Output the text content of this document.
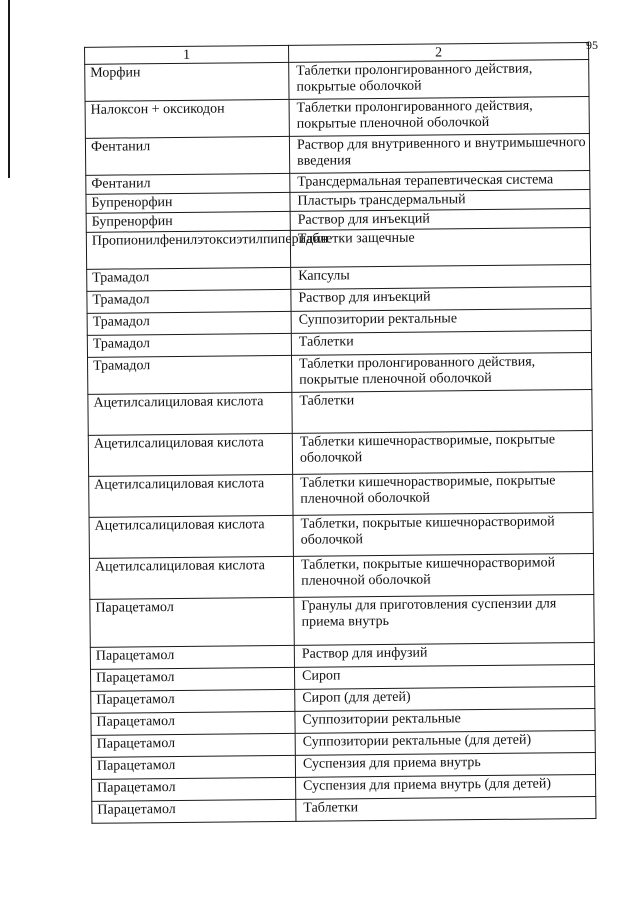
95
1	2
Морфин	Таблетки пролонгированного действия, покрытые оболочкой
Налоксон + оксикодон	Таблетки пролонгированного действия, покрытые пленочной оболочкой
Фентанил	Раствор для внутривенного и внутримышечного введения
Фентанил	Трансдермальная терапевтическая система
Бупренорфин	Пластырь трансдермальный
Бупренорфин	Раствор для инъекций
Пропионилфенилэтоксиэтилпиперидин	Таблетки защечные
Трамадол	Капсулы
Трамадол	Раствор для инъекций
Трамадол	Суппозитории ректальные
Трамадол	Таблетки
Трамадол	Таблетки пролонгированного действия, покрытые пленочной оболочкой
Ацетилсалициловая кислота	Таблетки
Ацетилсалициловая кислота	Таблетки кишечнорастворимые, покрытые оболочкой
Ацетилсалициловая кислота	Таблетки кишечнорастворимые, покрытые пленочной оболочкой
Ацетилсалициловая кислота	Таблетки, покрытые кишечнорастворимой оболочкой
Ацетилсалициловая кислота	Таблетки, покрытые кишечнорастворимой пленочной оболочкой
Парацетамол	Гранулы для приготовления суспензии для приема внутрь
Парацетамол	Раствор для инфузий
Парацетамол	Сироп
Парацетамол	Сироп (для детей)
Парацетамол	Суппозитории ректальные
Парацетамол	Суппозитории ректальные (для детей)
Парацетамол	Суспензия для приема внутрь
Парацетамол	Суспензия для приема внутрь (для детей)
Парацетамол	Таблетки
